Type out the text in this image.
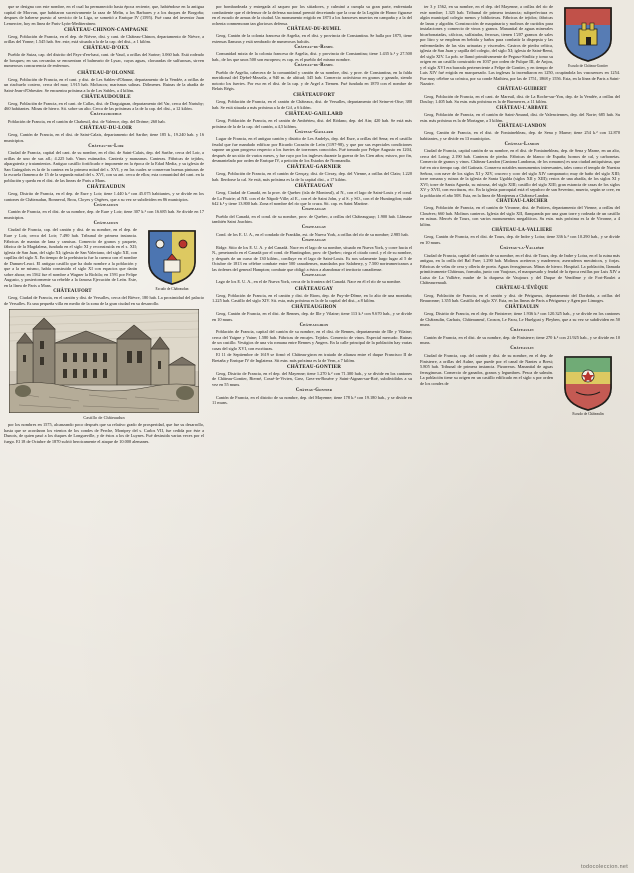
que se designa con este nombre, en el cual ha permanecido hasta época reciente, que, habiéndose en la antigua capital de Morvan, que habitaron sucesivamente la raza de Melin, a los Barbares y a los duques de Borgoña; despues de haberse puesto al servicio de la Liga, se sometió a Enrique IV (1595). Fué cuna del inventor Juan Lemercier, hoy en línea de Paris-Lyón-Mediterráneo.

CHÂTEAU-CHINON-CAMPAGNE

Geog. Población de Francia, en el dep. de Niévre, dist. y cant. de Château-Chinon, departamento de Niévre, a orillas del Yonne; 1.545 hab. Ser. este, está situada a la de la cap. del dist., a 1 kilóm.

CHÂTEAU-D'OEX

Pueblo de Suiza, cap. del distrito del Pays-d'en-haut, cant. de Vaud, a orillas del Sarine; 3.060 hab. Está rodeado de bosques; en sus cercanías se encuentran el balneario de Lysac, cuyas aguas, cloruradas de sulfurosas, sirven numerosos concurrencia de enfermos.

CHÂTEAU-D'OLONNE

Geog. Población de Francia, en el cant. y dist. de Les Sables-d'Olonne, departamento de la Vendée, a orillas de un riachuelo costero, cerca del mar; 1.915 hab. Moluscos; marismas salinas. Dólmenes. Ruinas de la abadía de Saint-Jean-d'Orbestier. Se encuentra próxima a la de Les Sables, a 4 kilóm.

CHÂTEAUDOUBLE

Geog. Población de Francia, en el cant. de Callas, dist. de Draguignan, departamento del Var, cerca del Nartuby; 460 habitantes. Minas de hierro. Sit. sobre un alto. Cerca de las próximas a la de la cap. del dist., a 12 kilóm.

Châteaudouble

Población de Francia, en el cantón de Chabeuil, dist. de Valence, dep. del Dróme; 260 hab.

CHÂTEAU-DU-LOIR

Geog. Cantón de Francia, en el dist. de Saint-Calais, departamento del Sarthe; tiene 185 k., 19.240 hab. y 16 municipios.

Château-du-Loir

Ciudad de Francia, capital del cant. de su nombre, en el dist. de Saint-Calais, dep. del Sarthe, cerca del Loir, a orillas de uno de sus afl.; 4.225 hab. Vinos estimados. Cantería y manzanas. Canteras. Fábricas de tejidos, alpargatería y tratamientos. Antiguo castillo fortificado e imponente en la época de la Edad Media, y su iglesia de San Guingalois es la de la cantera en la primera mitad del s. XVI, y en las cuales se conservan buenas pinturas de la escuela flamenca de 15 de la segunda mitad del s. XVI, con su ant. cerca de ellos; esta comunidad del cant. en la población y queda en el dist. de las lineas de Paris a Mans.

CHÂTEAUDUN

Geog. Distrito de Francia, en el dep. de Eure y Loir; tiene 1.440 k.² con 45.075 habitantes, y se divide en los cantones de Châteaudun, Bonneval, Brou, Cloyes y Orgères, que a su vez se subdividen en 86 municipios.

Châteaudun

Cantón de Francia, en el dist. de su nombre, dep. de Eure y Loir; tiene 307 k.² con 16.685 hab. Se divide en 17 municipios.

Châteaudun

Escudo de Châteaudun

Ciudad de Francia, cap. del cantón y dist. de su nombre, en el dep. de Eure y Loir, cerca del Loir; 7.490 hab. Tribunal de primera instancia. Fábricas de mantas de lana y camisas. Comercio de granos y paquete, fábrica de la Magdalena, fundada en el siglo XI y reconstruida en el s. XII; iglesia de San Juan, del siglo XI; iglesia de San Valeriano, del siglo XII, con capillas del siglo X. En tiempo de la prehistoria fue la cuenca con el nombre de Dunum-Leuci. El antiguo castillo que ha dado nombre a la población y que a la ne mismo, había construido el siglo XI con espacios que darán sobre ahora; en 1562 fue el nombre a Wagner la Richila; en 1591 por Felipe Augusto, y posteriormente su rebelde a la famosa Ejecución de León. Este, en la línea de Paris a Mans.

CHÂTEAUFORT

Geog. Ciudad de Francia, en el cantón y dist. de Versalles, cerca del Bièvre, 180 hab. La proximidad del palacio de Versalles. Es una pequeña villa en medio de la zona de la gran ciudad en su desarrollo.

Castillo de Châteaudun

por los nombres en 1575, alcanzando poco después que su relativo grado de prosperidad, que fue su desarrollo, hasta que se acordaron los vientos de los condes de Perche, Montpey del s. Carlos VII, fue cedida por éste a Dunois, de quien pasó a los duques de Longueville, y de éstos a los de Luynes. Fué destruida varias veces por el fuego. El 18 de Octubre de 1870 sufrió heroicamente el ataque de 10.000 alemanes.

por bombardeada y entregada al saqueo por los sitiadores, y culminó a cumpla su gran parte, enfrentada combatiente que el defensor de la defensa nacional premió decretando que la cruz de la Legión de Honor figurase en el escudo de armas de la ciudad. Un monumento erigido en 1873 a los franceses muertos en campaña y a la del ochenta conmemoran tan gloriosos defensa.

CHÂTEAU-DU-RUMEL

Geog. Cantón de la colonia francesa de Argelia, en el dist. y provincia de Constantina. Se halla por 1875, tiene extensas llanuras y está sembrado de numerosos halcáis.

Château-du-Rumel

Comunidad mixta de la colonia francesa de Argelia, dist. y provincia de Constantina; tiene 1.435 k.² y 27.500 hab., de los que unos 500 son europeos; es cap. es el pueblo del mismo nombre.

Château-du-Rumel

Pueblo de Argelia, cabecera de la comunidad y cantón de su nombre, dist. y prov. de Constantina, en la falda meridional del Djebel-Mezzila, a 940 m. de altitud; 345 hab. Comercio activísimo en granos y ganado, siendo notorio los fuertes. Por eso en el dist. de la cap. y de Argel a Tiemen. Fué fundada en 1870 con el nombre de Belais Régis.

CHÂTEAUFORT

Geog. Población de Francia, en el cantón de Châteaux, dist. de Versalles, departamento del Seine-et-Oise; 380 hab. Se está situada a más próxima a la de Gif, a 6 kilóm.

CHÂTEAU-GAILLARD

Geog. Población de Francia, en el cantón de Ambérieu, dist. del Ródano, dep. del Ain; 420 hab. Se está más próxima de la de la cap. del cantón, a 4,5 kilóms.

Château-Gaillard

Lugar de Francia, en el antiguo cantón y distrito de Les Andelys, dep. del Eure, a orillas del Sena; en el castillo feudal que fue mandado edificar por Ricardo Corazón de León (1197-98), y que por sus especiales condiciones supone un gran progreso respecto a los fuertes de torreones conocidos. Fué tomado por Felipe Augusto en 1204, después de un sitio de varios meses, y fue ruyo por los ingleses durante la guerra de los Cien años; estuvo, por fin, desmantelado por orden de Enrique IV, a petición de los Estados de Normandía.

CHÂTEAU-GARNIER

Geog. Población de Francia, en el cantón de Gençay, dist. de Civray, dep. del Vienne, a orillas del Clain; 1.220 hab. Ilerdorse la cal. Se está, más próxima es la de la capital dist., a 17 kilóm.

CHÂTEAUGAY

Geog. Ciudad de Canadá, en la prov. de Quebec (isla de Montreal), al N., con el lago de Saint-Louis y el cond. de La Prairie; al NE. con el de Nápoli-Ville; al E., con el de Saint John, y al S. y SO., con el de Huntingdon; mide 642 k.² y tiene 13.800 hab. Zona el nombre del río que lo cruza. Sit. cap. es Saint Martine.

Chateaugay

Pueblo del Canadá, en el cond. de su nombre, prov. de Quebec, a orillas del Châteauguay; 1.900 hab. Llámase también Saint Joachim.

Chateaugay

Cond. de los E. U. A., en el condado de Franklin, est. de Nueva York, a orillas del río de su nombre; 2.985 hab.

Chateaugay

Ridge. Sitio de los E. U. A. y del Canadá. Nace en el lago de su nombre, situado en Nueva York, y corre hacia el N., penetrando en el Canadá por el cond. de Huntingdon, prov. de Quebec; riega el citado cond. y el de su nombre, y después de un curso de 130 kilóm., confluye en el lago de Saint-Louis. Es nos solamente largo lugar al 5 de Octubre de 1813 en célebre combate entre 500 canadienses, mandados por Salaberry, y 7.500 norteamericanos a las órdenes del general Hampton; combate que obligó a éstos a abandonar el territorio canadiense.

Chateaugay

Lago de los E. U. A., en el de Nueva York, cerca de la frontera del Canadá. Nace en él el río de su nombre.

CHÂTEAUGAY

Geog. Población de Francia, en el cantón y dist. de Riom, dep. de Puy-de-Dôme, en lo alto de una montaña; 1.225 hab. Castillo del siglo XIV. Sit. esta, más próxima es la de la capital del dist., a 8 kilóm.

CHÂTEAUGIRON

Geog. Cantón de Francia, en el dist. de Rennes, dep. de Ille y Vilaine; tiene 113 k.² con 9.670 hab., y se divide en 10 muns.

Châteaugiron

Población de Francia, capital del cantón de su nombre, en el dist. de Rennes, departamento de Ille y Vilaine; cerca del Yaigne y Vaine; 1.580 hab. Fábricas de encajes. Tejidos. Comercio de vinos. Especial mercado. Ruinas de un castillo. Vestigios de una vía romana entre Rennes y Angers. En la calle principal de la población hay varias casas del siglo XVI, con escrituras.

El 11 de Septiembre de 1619 se firmó el Château-giron en tratado de alianza entre el duque Francisco II de Bretaña y Enrique IV de Inglaterra. Sit estn. más próxima es la de Vern, a 7 kilóm.

CHÂTEAU-GONTIER

Geog. Distrito de Francia, en el dep. del Mayenne; tiene 1.270 k.² con 71.300 hab., y se divide en los cantones de Château-Gontier, Bierné, Cossé-le-Vivien, Grez, Grez-en-Bouère y Saint-Aignan-sur-Roë, subdivididos a su vez en 55 muns.

Château-Gontier

Cantón de Francia, en el distrito de su nombre, dep. del Mayenne; tiene 178 k.² con 19.180 hab., y se divide en 11 muns.

Escudo de Château-Gontier

ter 3 y 1562, en su nombre, en el dep. del Mayenne, a orillas del río de este nombre; 1.325 hab. Tribunal de primera instancia; subprefectura es algún municipal colegio menos y bibliotecas. Fábricas de tejidos; fábricas de lanas y algodón. Construcción de maquinaria y molinos de curtidos para instalaciones y comercio de vinos y granos. Manantial de aguas minerales bicarbonatadas, cálcicas, sulfatadas, ferrosas, tienen 1'207 gramos de sales por litro y se emplean en bebida y baños para combatir la dispepsia y las enfermedades de las vías urinarias y viscerales. Castros de piedra celtica, iglesia de San Juan y capilla del colegio, del siglo XI; iglesia de Saint-Remi, del siglo XIV. La pob. se llamó primitivamente de Pegaso-Sinilitz y tomo su origen en un castillo construido en 1037 por orden de Fulque III, de Anjou, y el siglo XVI era barrada perteneciente a Felipe de Gontier, y en tiempo de Luis XIV fué erigida en marquesado. Las inglesas la incendiaron en 1250, ocupándola los vascuences en 1254. Fue muy célebre su crónica, por su conde Mathieu, por las de 1751, 1868 y 1556. Esta, en la línea de Paris a Saint-Nazaire.

CHÂTEAU-GUIBERT

Geog. Población de Francia, en el cant. de Mareuil, dist. de La Roche-sur-Yon, dep. de la Vendée, a orillas del Doulay; 1.405 hab. Su estn. más próxima es la de Burmerres, a 11 kilóm.

CHÂTEAU-L'ABBAYE

Geog. Población de Francia, en el cantón de Saint-Amand, dist. de Valenciennes, dep. del Norte; 685 hab. Su estn. más próxima es la de Mortagne, a 3 kilóm.

CHÂTEAU-LANDON

Geog. Cantón de Francia, en el dist. de Fontainebleau, dep. de Sena y Marne; tiene 254 k.² con 12.870 habitantes, y se divide en 13 municipios.

Château-Landon

Ciudad de Francia, capital cantón de su nombre, en el dist. de Fontainebleau, dep. de Sena y Marne, en un alto, cerca del Loing; 2.190 hab. Canteras de piedra. Fábricas de blanco de España; hornos de cal, y carbonetas. Comercio de granos y vinos. Château-Landon (Cantona Landonus, de los romanos) es una ciudad antiquísima, que fué en otro tiempo cap. del Gatinais. Conserva notables monumentos interesantes, tales como el templo de Nuestra Señora, con nave de los siglos XI y XIV, crucero y coro del siglo XIV campanario; muy de baño del siglo XIII; torre romana y ruinas de la iglesia de Santa Ugalda (siglos XII y XIII); restos de una abadía, de los siglos XI y XVI; torre de Santa Agueda, su ruinosa, del siglo XIII; castillo del siglo XIII; gran estancia de casas de los siglos XV y XVII, con escrituras, etc. En la iglesia parroquial está el sepulcro de san Severino, muerto, según se cree, en la población el año 508. Esta, en la línea de Montereau a Château-Landon.

CHÂTEAU-LARCHER

Geog. Población de Francia, en el cantón de Vivonne, dist. de Poitiers, departamento del Vienne, a orillas del Clouères; 660 hab. Molinos canteros. Iglesia del siglo XII, flanqueada por una gran torre y rodeada de un castillo en ruinas. Mercés de Tours, con varios monumentos megalíticos. Su estn. más próxima es la de Vivonne, a 4 kilóm.

CHÂTEAU-LA-VALLIERE

Geog. Cantón de Francia, en el dist. de Tours, dep. de Indre y Loira; tiene 336 k.² con 10.290 hab., y se divide en 10 muns.

Château-la-Vallière

Ciudad de Francia, capital del cantón de su nombre, en el dist. de Tours, dep. de Indre y Loira, en el la ruina más antigua, en la orilla del Bal Fare; 1.290 hab. Molinos aceiteros y madereros; aserraderos mecánicos, y forjas. Fábricas de velas de cera y ollería de poeta. Aguas ferruginosas. Minas de hierro. Hospital. La población, llamada primitivamente Châteaux, formaba, junto con Vaujours, el marquesado y feudal de la época resillas por Luis XIV a Luisa de La Vallière, madre de la duquesa de Vaujours y del Duque de Vendôme y de Fort-Boulet a Châteaurenault.

CHÂTEAU-L'ÉVÊQUE

Geog. Población de Francia, en el cantón y dist. de Périgueux, departamento del Dordoña, a orillas del Beauronne; 1.355 hab. Castillo del siglo XV. Esta, en las líneas de Paris a Périgueux y Agen por Limoges.

CHÂTEAULIN

Geog. Distrito de Francia, en el dep. de Finisterre; tiene 1.936 k.² con 120.325 hab., y se divide en los cantones de Châteaulin, Carhaix, Châteauneuf, Crozon, Le Faou, Le Huelgoat y Pleyben, que a su vez se subdividen en 50 muns.

Châteaulin

Cantón de Francia, en el dist. de su nombre, dep. de Finisterre; tiene 270 k.² con 21.925 hab., y se divide en 10 muns.

Châteaulin

Escudo de Châteaulin

Ciudad de Francia, cap. del cantón y dist. de su nombre, en el dep. de Finisterre, a orillas del Aulne, que puede por el canal de Nantes a Brest; 5.805 hab. Tribunal de primera instancia. Pizarreras. Manantial de aguas ferruginosas. Comercio de ganados, granos y legumbres. Pesca de salmón. La población tiene su origen en un castillo edificado en el siglo x por orden de los condes de

todocoleccion.net
